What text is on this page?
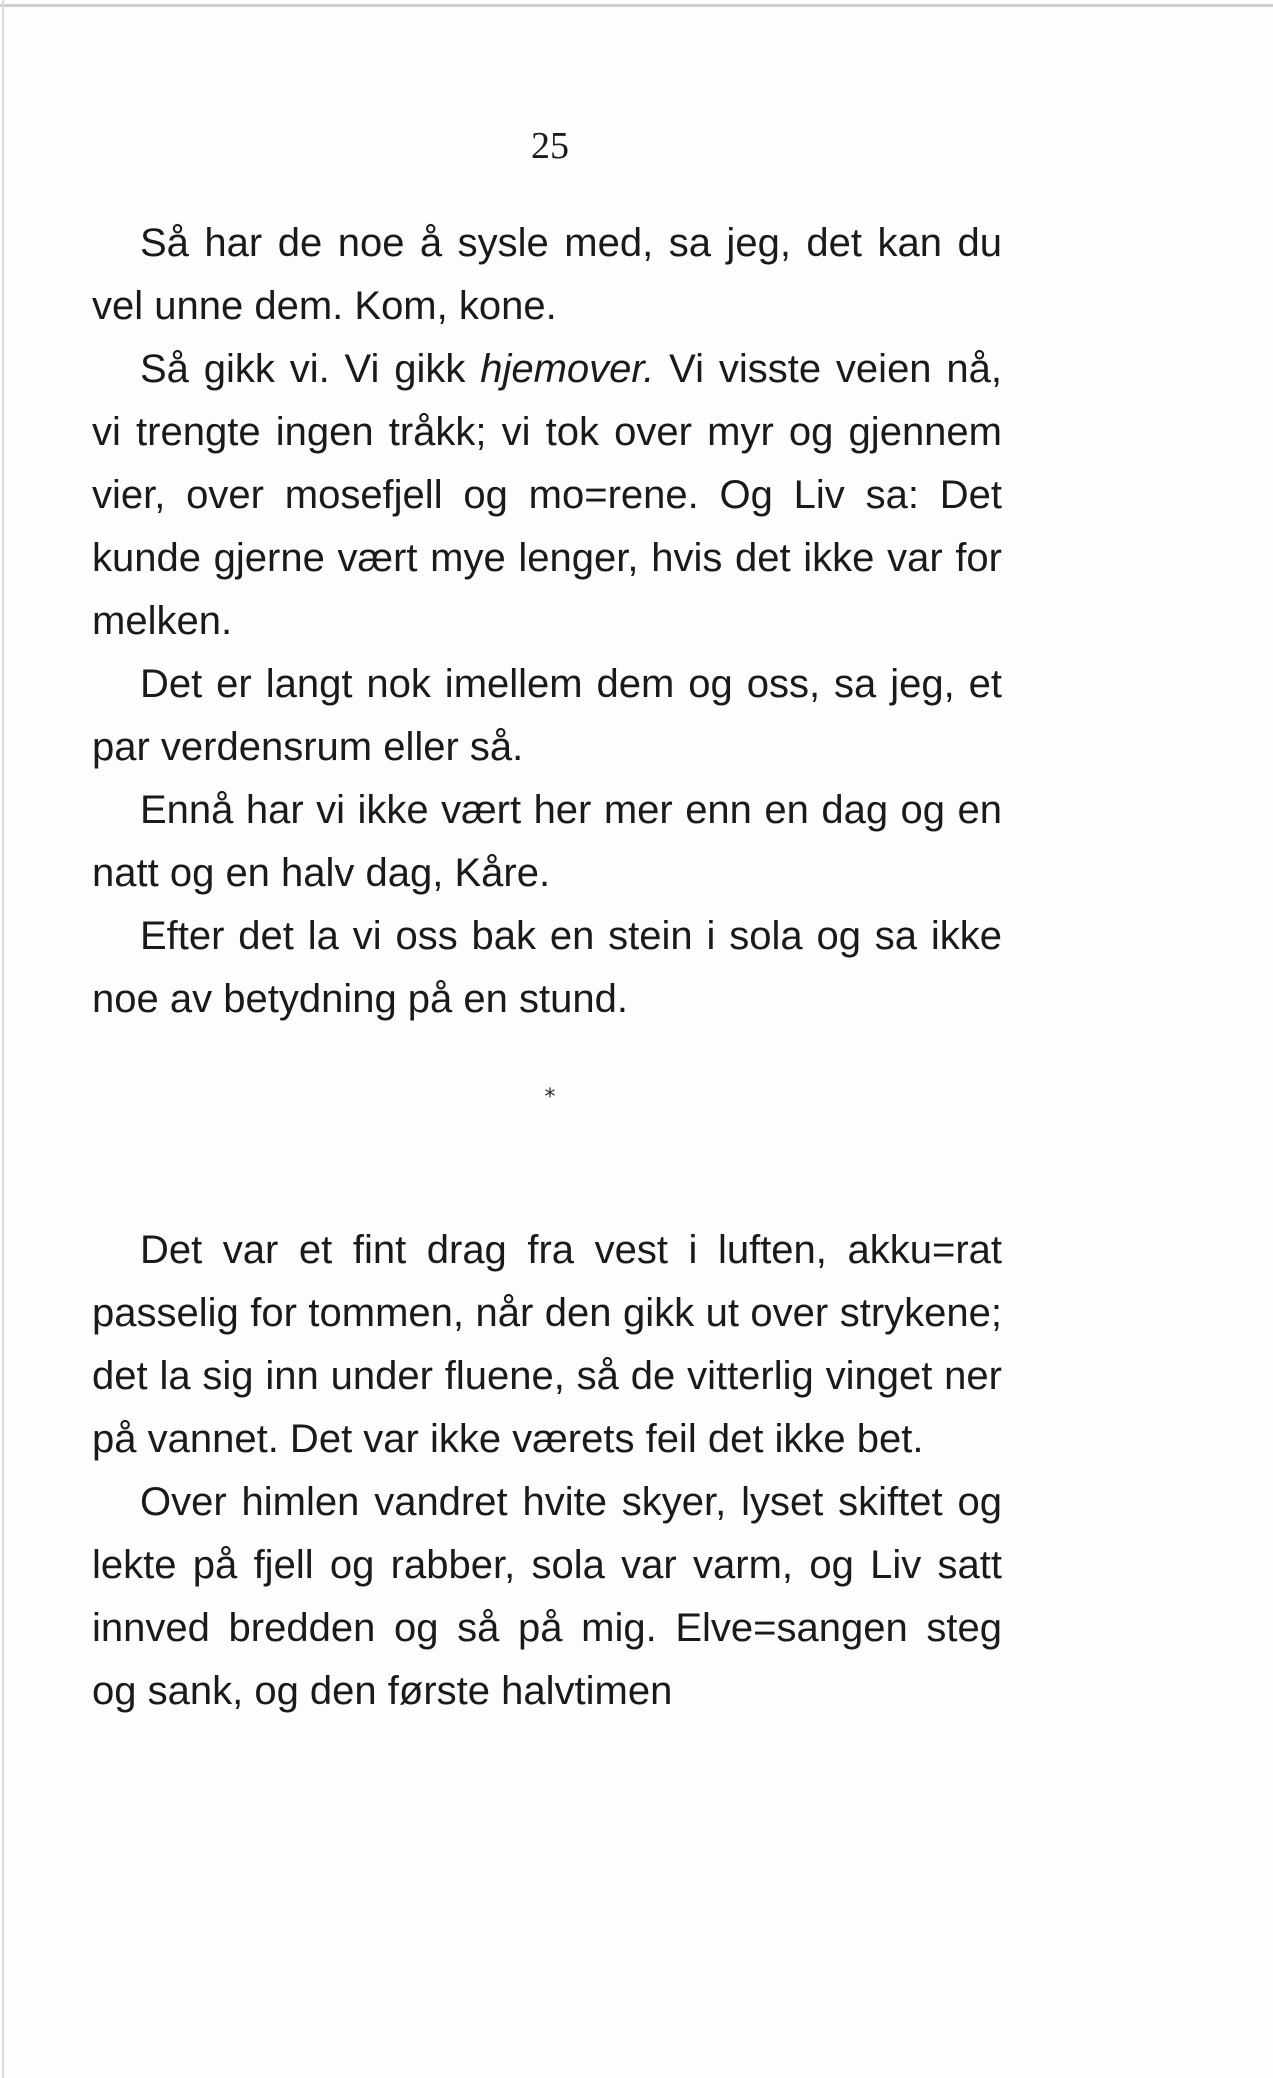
25

Så har de noe å sysle med, sa jeg, det kan du vel unne dem. Kom, kone.

Så gikk vi. Vi gikk hjemover. Vi visste veien nå, vi trengte ingen tråkk; vi tok over myr og gjennem vier, over mosefjell og mo=rene. Og Liv sa: Det kunde gjerne vært mye lenger, hvis det ikke var for melken.

Det er langt nok imellem dem og oss, sa jeg, et par verdensrum eller så.

Ennå har vi ikke vært her mer enn en dag og en natt og en halv dag, Kåre.

Efter det la vi oss bak en stein i sola og sa ikke noe av betydning på en stund.

*

Det var et fint drag fra vest i luften, akku=rat passelig for tommen, når den gikk ut over strykene; det la sig inn under fluene, så de vitterlig vinget ner på vannet. Det var ikke værets feil det ikke bet.

Over himlen vandret hvite skyer, lyset skiftet og lekte på fjell og rabber, sola var varm, og Liv satt innved bredden og så på mig. Elve=sangen steg og sank, og den første halvtimen
